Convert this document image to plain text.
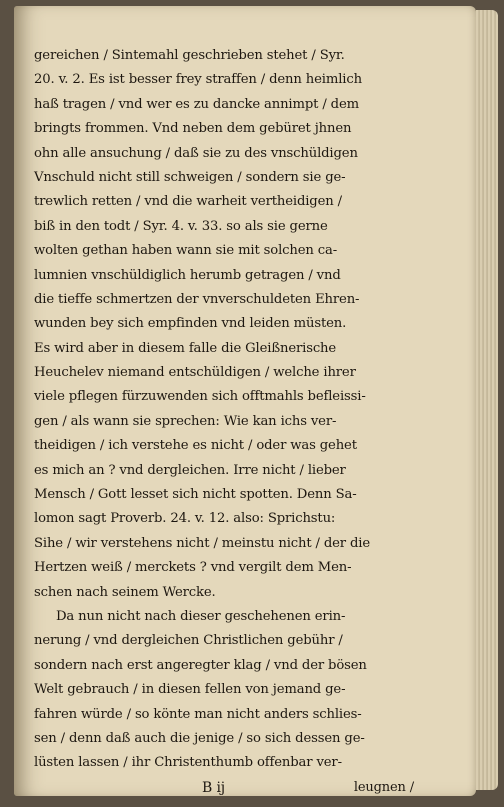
gereichen / Sintemahl geschrieben stehet / Syr.
20. v. 2. Es ist besser frey straffen / denn heimlich
haß tragen / vnd wer es zu dancke annimpt / dem
bringts frommen. Vnd neben dem gebüret jhnen
ohn alle ansuchung / daß sie zu des vnschüldigen
Vnschuld nicht still schweigen / sondern sie ge-
trewlich retten / vnd die warheit vertheidigen /
biß in den todt / Syr. 4. v. 33. so als sie gerne
wolten gethan haben wann sie mit solchen ca-
lumnien vnschüldiglich herumb getragen / vnd
die tieffe schmertzen der vnverschuldeten Ehren-
wunden bey sich empfinden vnd leiden müsten.
Es wird aber in diesem falle die Gleißnerische
Heuchelev niemand entschüldigen / welche ihrer
viele pflegen fürzuwenden sich offtmahls befleissi-
gen / als wann sie sprechen: Wie kan ichs ver-
theidigen / ich verstehe es nicht / oder was gehet
es mich an ? vnd dergleichen. Irre nicht / lieber
Mensch / Gott lesset sich nicht spotten. Denn Sa-
lomon sagt Proverb. 24. v. 12. also: Sprichstu:
Sihe / wir verstehens nicht / meinstu nicht / der die
Hertzen weiß / merckets ? vnd vergilt dem Men-
schen nach seinem Wercke.
Da nun nicht nach dieser geschehenen erin-
nerung / vnd dergleichen Christlichen gebühr /
sondern nach erst angeregter klag / vnd der bösen
Welt gebrauch / in diesen fellen von jemand ge-
fahren würde / so könte man nicht anders schlies-
sen / denn daß auch die jenige / so sich dessen ge-
lüsten lassen / ihr Christenthumb offenbar ver-
B ij	leugnen /
